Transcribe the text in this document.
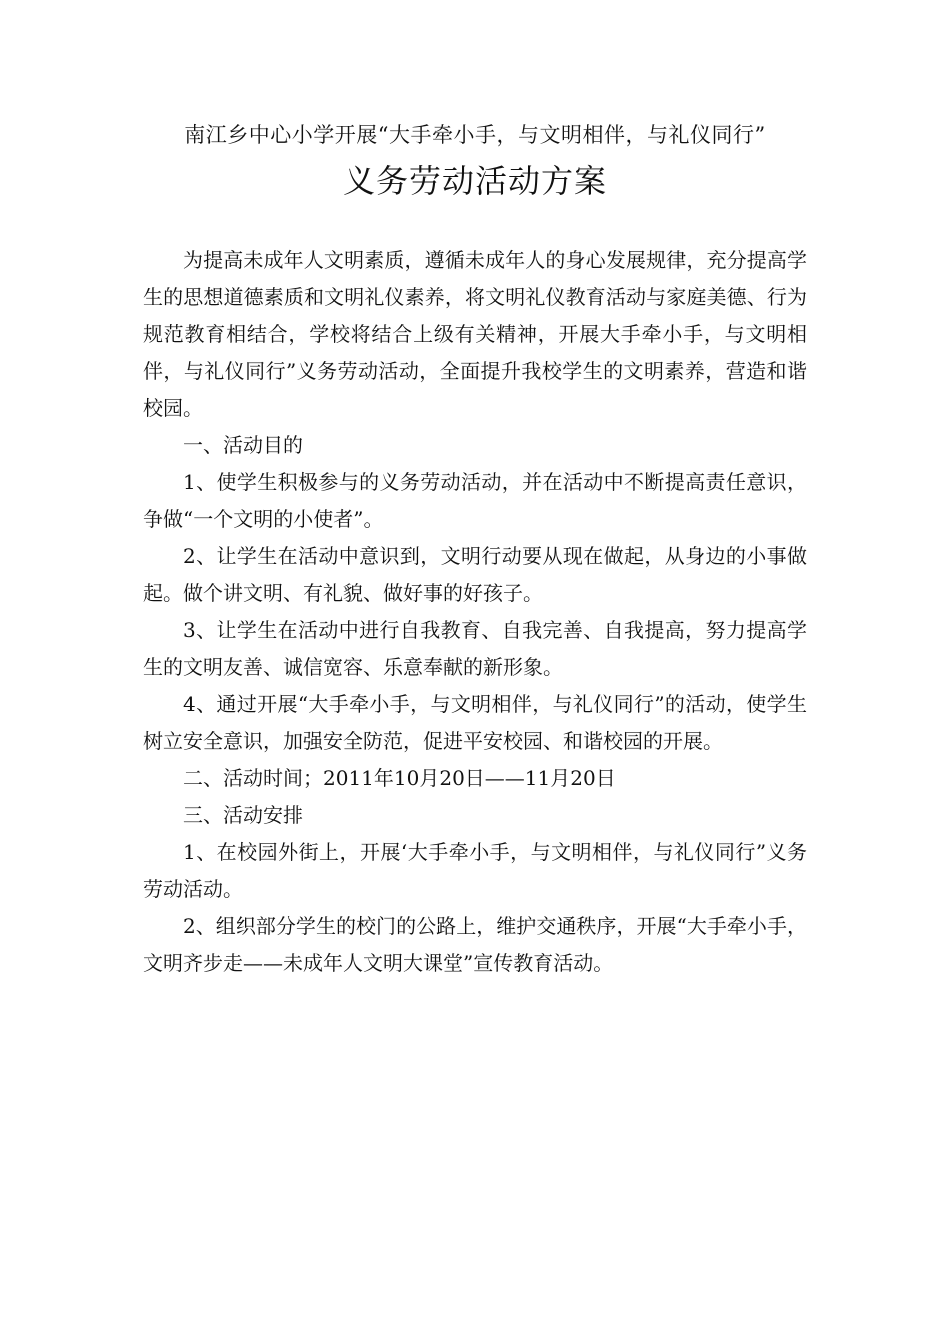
南江乡中心小学开展“大手牵小手，与文明相伴，与礼仪同行”
义务劳动活动方案

为提高未成年人文明素质，遵循未成年人的身心发展规律，充分提高学生的思想道德素质和文明礼仪素养，将文明礼仪教育活动与家庭美德、行为规范教育相结合，学校将结合上级有关精神，开展大手牵小手，与文明相伴，与礼仪同行”义务劳动活动，全面提升我校学生的文明素养，营造和谐校园。

一、活动目的

1、使学生积极参与的义务劳动活动，并在活动中不断提高责任意识，争做“一个文明的小使者”。

2、让学生在活动中意识到，文明行动要从现在做起，从身边的小事做起。做个讲文明、有礼貌、做好事的好孩子。

3、让学生在活动中进行自我教育、自我完善、自我提高，努力提高学生的文明友善、诚信宽容、乐意奉献的新形象。

4、通过开展“大手牵小手，与文明相伴，与礼仪同行”的活动，使学生树立安全意识，加强安全防范，促进平安校园、和谐校园的开展。

二、活动时间；2011年10月20日——11月20日

三、活动安排

1、在校园外街上，开展‘大手牵小手，与文明相伴，与礼仪同行”义务劳动活动。

2、组织部分学生的校门的公路上，维护交通秩序，开展“大手牵小手，文明齐步走——未成年人文明大课堂”宣传教育活动。
